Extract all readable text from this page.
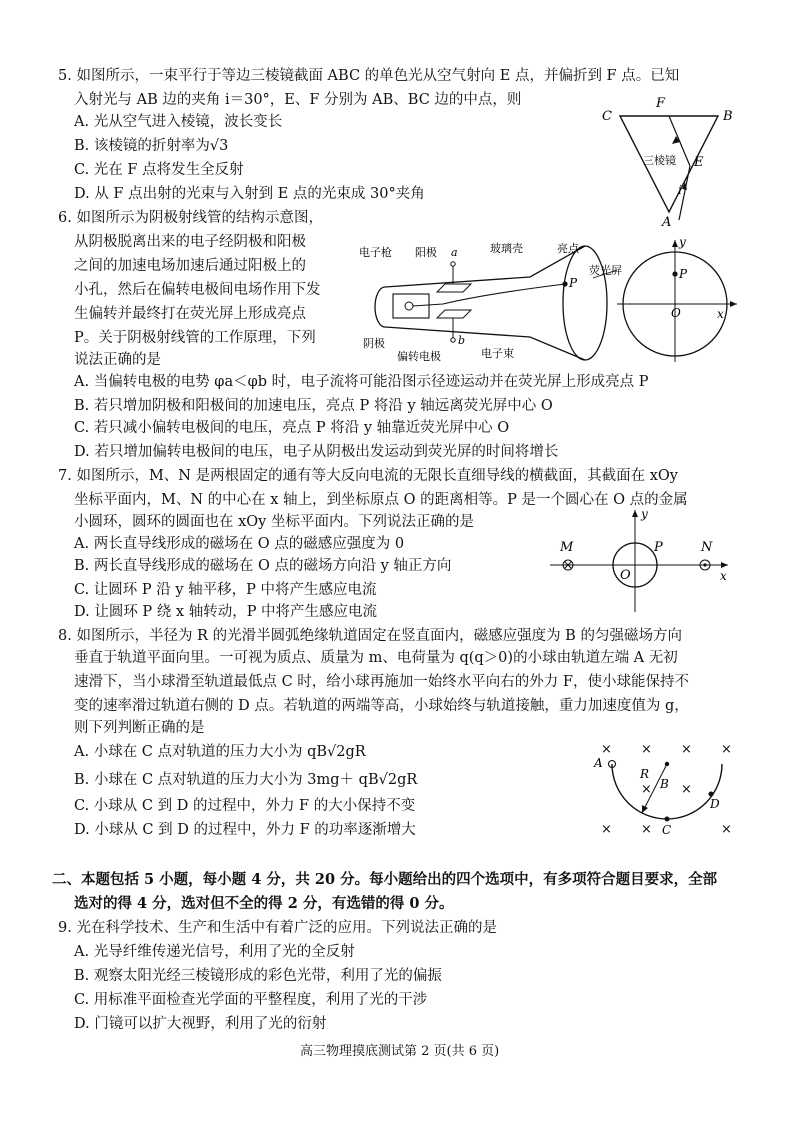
5. 如图所示，一束平行于等边三棱镜截面 ABC 的单色光从空气射向 E 点，并偏折到 F 点。已知
入射光与 AB 边的夹角 i＝30°，E、F 分别为 AB、BC 边的中点，则
A. 光从空气进入棱镜，波长变长
B. 该棱镜的折射率为√3
C. 光在 F 点将发生全反射
D. 从 F 点出射的光束与入射到 E 点的光束成 30°夹角
C	B
A
F
E
i
三棱镜
6. 如图所示为阴极射线管的结构示意图，
从阴极脱离出来的电子经阴极和阳极
之间的加速电场加速后通过阳极上的
小孔，然后在偏转电极间电场作用下发
生偏转并最终打在荧光屏上形成亮点
P。关于阴极射线管的工作原理，下列
说法正确的是
A. 当偏转电极的电势 φa＜φb 时，电子流将可能沿图示径迹运动并在荧光屏上形成亮点 P
B. 若只增加阴极和阳极间的加速电压，亮点 P 将沿 y 轴远离荧光屏中心 O
C. 若只减小偏转电极间的电压，亮点 P 将沿 y 轴靠近荧光屏中心 O
D. 若只增加偏转电极间的电压，电子从阴极出发运动到荧光屏的时间将增长
电子枪 阳极 a
b
玻璃壳	亮点
荧光屏
阴极
偏转电极	电子束
P
P
O	x
y
7. 如图所示，M、N 是两根固定的通有等大反向电流的无限长直细导线的横截面，其截面在 xOy
坐标平面内，M、N 的中心在 x 轴上，到坐标原点 O 的距离相等。P 是一个圆心在 O 点的金属
小圆环，圆环的圆面也在 xOy 坐标平面内。下列说法正确的是
A. 两长直导线形成的磁场在 O 点的磁感应强度为 0
B. 两长直导线形成的磁场在 O 点的磁场方向沿 y 轴正方向
C. 让圆环 P 沿 y 轴平移，P 中将产生感应电流
D. 让圆环 P 绕 x 轴转动，P 中将产生感应电流
M	N
P
O	x
y
8. 如图所示，半径为 R 的光滑半圆弧绝缘轨道固定在竖直面内，磁感应强度为 B 的匀强磁场方向
垂直于轨道平面向里。一可视为质点、质量为 m、电荷量为 q(q＞0)的小球由轨道左端 A 无初
速滑下，当小球滑至轨道最低点 C 时，给小球再施加一始终水平向右的外力 F，使小球能保持不
变的速率滑过轨道右侧的 D 点。若轨道的两端等高，小球始终与轨道接触，重力加速度值为 g，
则下列判断正确的是
A. 小球在 C 点对轨道的压力大小为 qB√2gR
B. 小球在 C 点对轨道的压力大小为 3mg＋ qB√2gR
C. 小球从 C 到 D 的过程中，外力 F 的大小保持不变
D. 小球从 C 到 D 的过程中，外力 F 的功率逐渐增大
× × × ×
× ×
× ×	×
A
B
C
D
R
二、本题包括 5 小题，每小题 4 分，共 20 分。每小题给出的四个选项中，有多项符合题目要求，全部
选对的得 4 分，选对但不全的得 2 分，有选错的得 0 分。
9. 光在科学技术、生产和生活中有着广泛的应用。下列说法正确的是
A. 光导纤维传递光信号，利用了光的全反射
B. 观察太阳光经三棱镜形成的彩色光带，利用了光的偏振
C. 用标准平面检查光学面的平整程度，利用了光的干涉
D. 门镜可以扩大视野，利用了光的衍射
高三物理摸底测试第 2 页(共 6 页)
